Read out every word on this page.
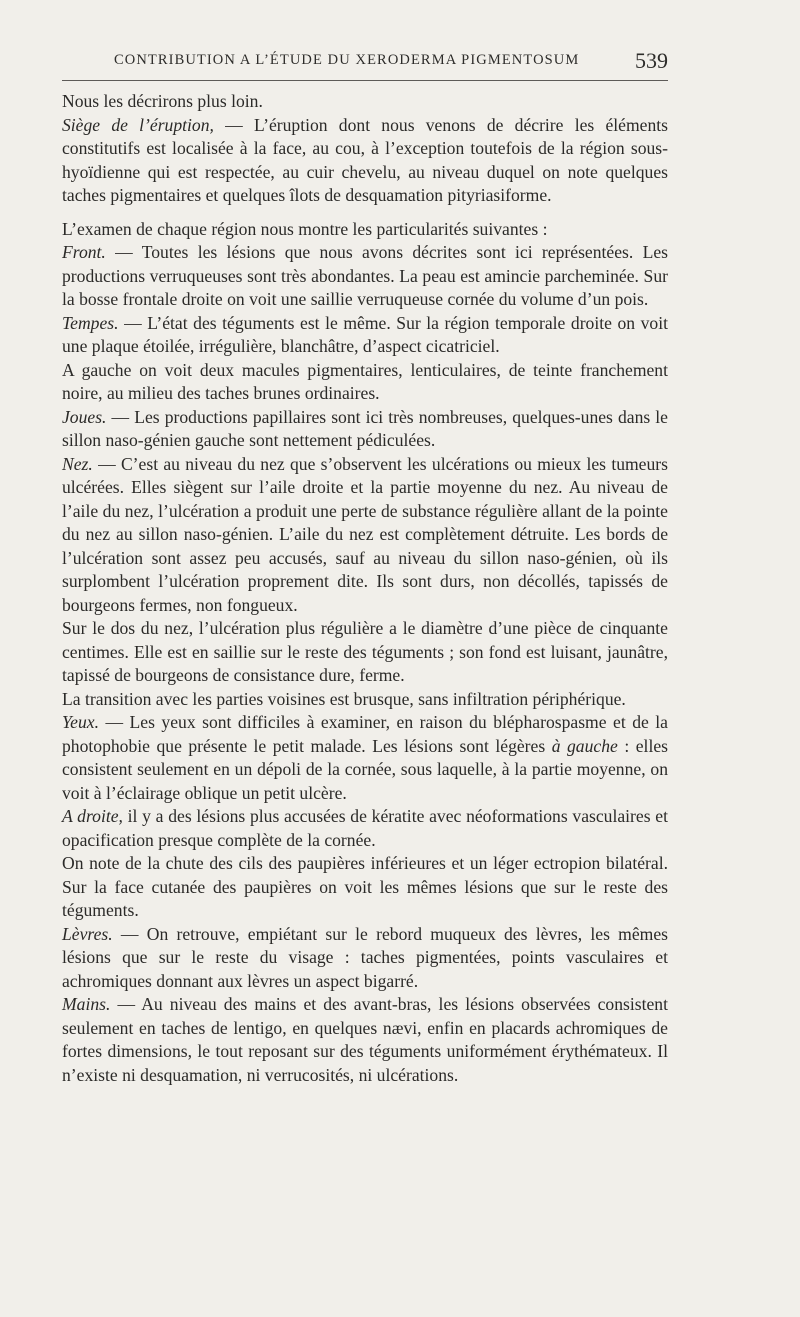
CONTRIBUTION A L’ÉTUDE DU XERODERMA PIGMENTOSUM	539

Nous les décrirons plus loin.

Siège de l’éruption, — L’éruption dont nous venons de décrire les éléments constitutifs est localisée à la face, au cou, à l’exception toutefois de la région sous-hyoïdienne qui est respectée, au cuir chevelu, au niveau duquel on note quelques taches pigmentaires et quelques îlots de desquamation pityriasiforme.

L’examen de chaque région nous montre les particularités suivantes :

Front. — Toutes les lésions que nous avons décrites sont ici représentées. Les productions verruqueuses sont très abondantes. La peau est amincie parcheminée. Sur la bosse frontale droite on voit une saillie verruqueuse cornée du volume d’un pois.

Tempes. — L’état des téguments est le même. Sur la région temporale droite on voit une plaque étoilée, irrégulière, blanchâtre, d’aspect cicatriciel.

A gauche on voit deux macules pigmentaires, lenticulaires, de teinte franchement noire, au milieu des taches brunes ordinaires.

Joues. — Les productions papillaires sont ici très nombreuses, quelques-unes dans le sillon naso-génien gauche sont nettement pédiculées.

Nez. — C’est au niveau du nez que s’observent les ulcérations ou mieux les tumeurs ulcérées. Elles siègent sur l’aile droite et la partie moyenne du nez. Au niveau de l’aile du nez, l’ulcération a produit une perte de substance régulière allant de la pointe du nez au sillon naso-génien. L’aile du nez est complètement détruite. Les bords de l’ulcération sont assez peu accusés, sauf au niveau du sillon naso-génien, où ils surplombent l’ulcération proprement dite. Ils sont durs, non décollés, tapissés de bourgeons fermes, non fongueux.

Sur le dos du nez, l’ulcération plus régulière a le diamètre d’une pièce de cinquante centimes. Elle est en saillie sur le reste des téguments ; son fond est luisant, jaunâtre, tapissé de bourgeons de consistance dure, ferme.

La transition avec les parties voisines est brusque, sans infiltration périphérique.

Yeux. — Les yeux sont difficiles à examiner, en raison du blépharospasme et de la photophobie que présente le petit malade. Les lésions sont légères à gauche : elles consistent seulement en un dépoli de la cornée, sous laquelle, à la partie moyenne, on voit à l’éclairage oblique un petit ulcère.

A droite, il y a des lésions plus accusées de kératite avec néoformations vasculaires et opacification presque complète de la cornée.

On note de la chute des cils des paupières inférieures et un léger ectropion bilatéral. Sur la face cutanée des paupières on voit les mêmes lésions que sur le reste des téguments.

Lèvres. — On retrouve, empiétant sur le rebord muqueux des lèvres, les mêmes lésions que sur le reste du visage : taches pigmentées, points vasculaires et achromiques donnant aux lèvres un aspect bigarré.

Mains. — Au niveau des mains et des avant-bras, les lésions observées consistent seulement en taches de lentigo, en quelques nævi, enfin en placards achromiques de fortes dimensions, le tout reposant sur des téguments uniformément érythémateux. Il n’existe ni desquamation, ni verrucosités, ni ulcérations.
